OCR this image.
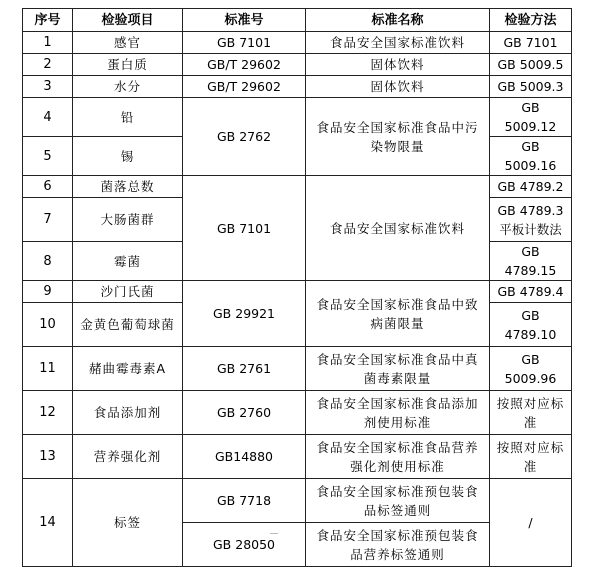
序号	检验项目	标准号	标准名称	检验方法
1	感官	GB 7101	食品安全国家标准饮料	GB 7101
2	蛋白质	GB/T 29602	固体饮料	GB 5009.5
3	水分	GB/T 29602	固体饮料	GB 5009.3
4	铅	GB 2762	食品安全国家标准食品中污染物限量	GB 5009.12
5	锡			GB 5009.16
6	菌落总数	GB 7101	食品安全国家标准饮料	GB 4789.2
7	大肠菌群			GB 4789.3 平板计数法
8	霉菌			GB 4789.15
9	沙门氏菌	GB 29921	食品安全国家标准食品中致病菌限量	GB 4789.4
10	金黄色葡萄球菌			GB 4789.10
11	赭曲霉毒素A	GB 2761	食品安全国家标准食品中真菌毒素限量	GB 5009.96
12	食品添加剂	GB 2760	食品安全国家标准食品添加剂使用标准	按照对应标准
13	营养强化剂	GB14880	食品安全国家标准食品营养强化剂使用标准	按照对应标准
14	标签	GB 7718	食品安全国家标准预包装食品标签通则	/
		GB 28050	食品安全国家标准预包装食品营养标签通则	
